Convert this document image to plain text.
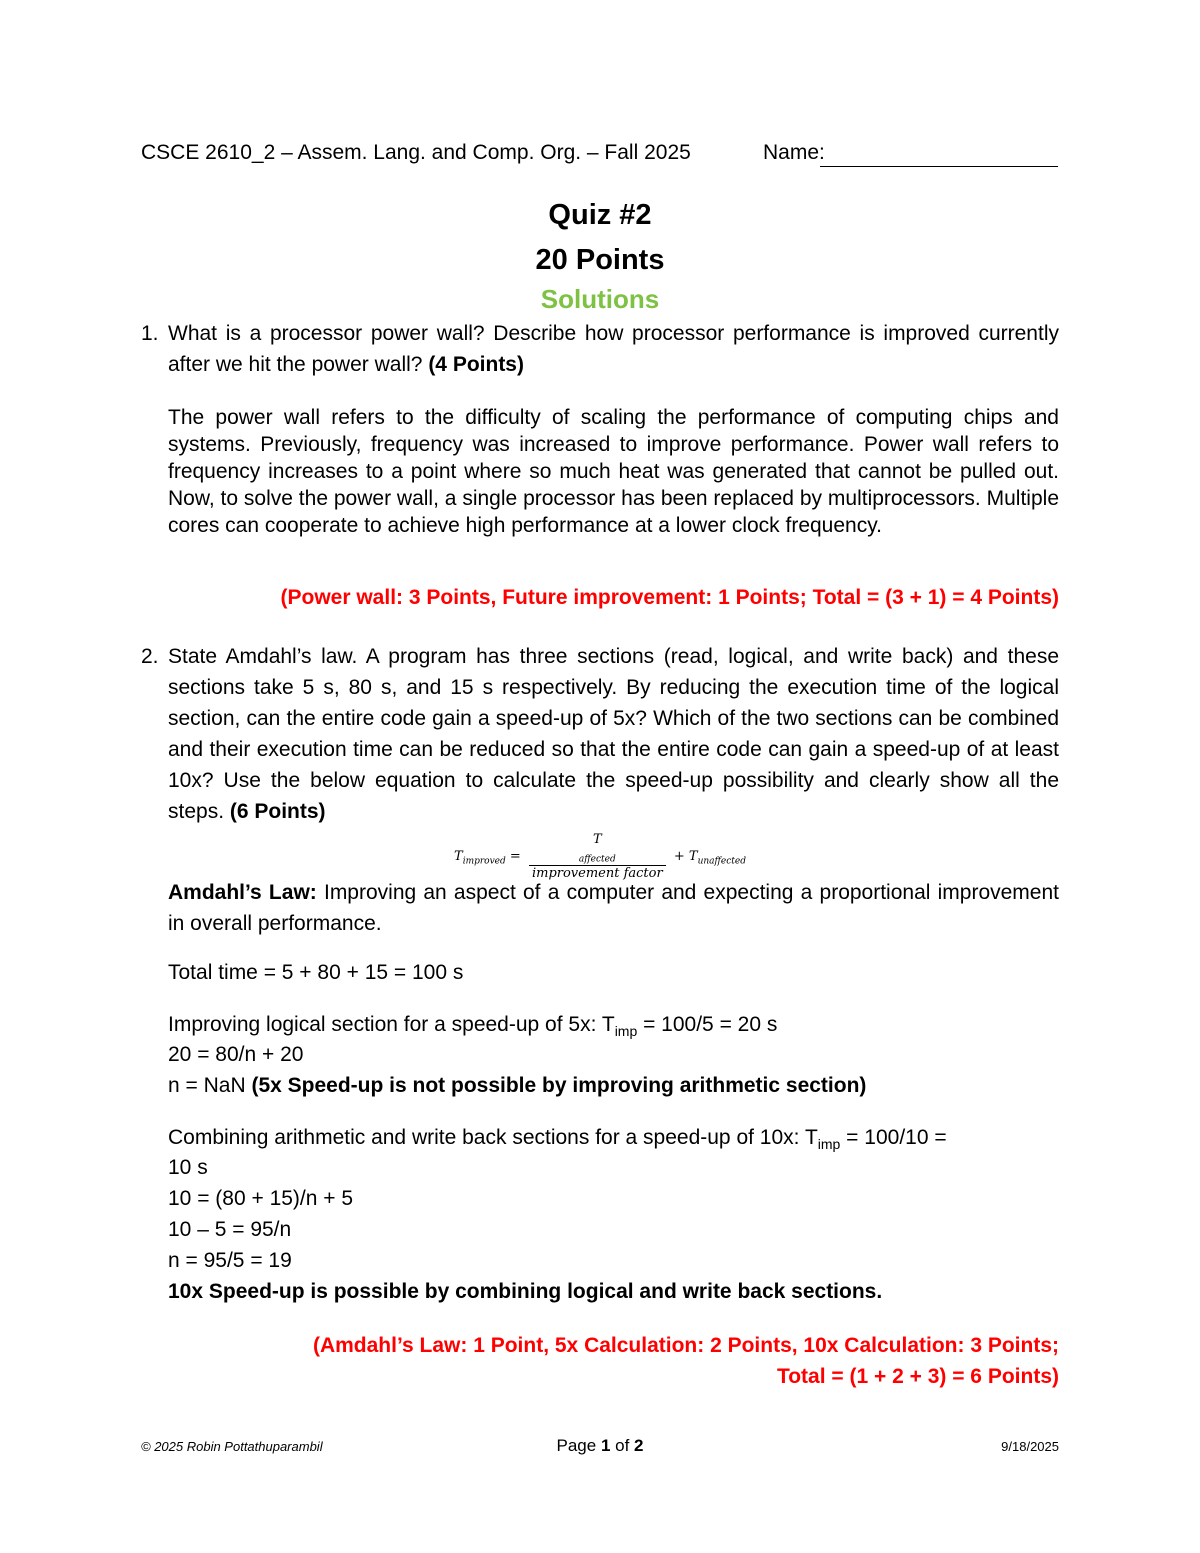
CSCE 2610_2 – Assem. Lang. and Comp. Org. – Fall 2025	Name:
Quiz #2
20 Points
Solutions
1. What is a processor power wall? Describe how processor performance is improved currently after we hit the power wall? (4 Points)
The power wall refers to the difficulty of scaling the performance of computing chips and systems. Previously, frequency was increased to improve performance. Power wall refers to frequency increases to a point where so much heat was generated that cannot be pulled out. Now, to solve the power wall, a single processor has been replaced by multiprocessors. Multiple cores can cooperate to achieve high performance at a lower clock frequency.
(Power wall: 3 Points, Future improvement: 1 Points; Total = (3 + 1) = 4 Points)
2. State Amdahl’s law. A program has three sections (read, logical, and write back) and these sections take 5 s, 80 s, and 15 s respectively. By reducing the execution time of the logical section, can the entire code gain a speed-up of 5x? Which of the two sections can be combined and their execution time can be reduced so that the entire code can gain a speed-up of at least 10x? Use the below equation to calculate the speed-up possibility and clearly show all the steps. (6 Points)
$T_{improved} = T$
$_{affected}$
improvement factor + $T_{unaffected}$
Amdahl’s Law: Improving an aspect of a computer and expecting a proportional improvement in overall performance.
Total time = 5 + 80 + 15 = 100 s
Improving logical section for a speed-up of 5x: $T_{imp} = 100/5 = 20$ s
20 = 80/n + 20
n = NaN (5x Speed-up is not possible by improving arithmetic section)
Combining arithmetic and write back sections for a speed-up of 10x: $T_{imp} = 100/10$ =
10 s
10 = (80 + 15)/n + 5
10 – 5 = 95/n
n = 95/5 = 19
10x Speed-up is possible by combining logical and write back sections.
(Amdahl’s Law: 1 Point, 5x Calculation: 2 Points, 10x Calculation: 3 Points;
Total = (1 + 2 + 3) = 6 Points)
© 2025 Robin Pottathuparambil	Page 1 of 2	9/18/2025
